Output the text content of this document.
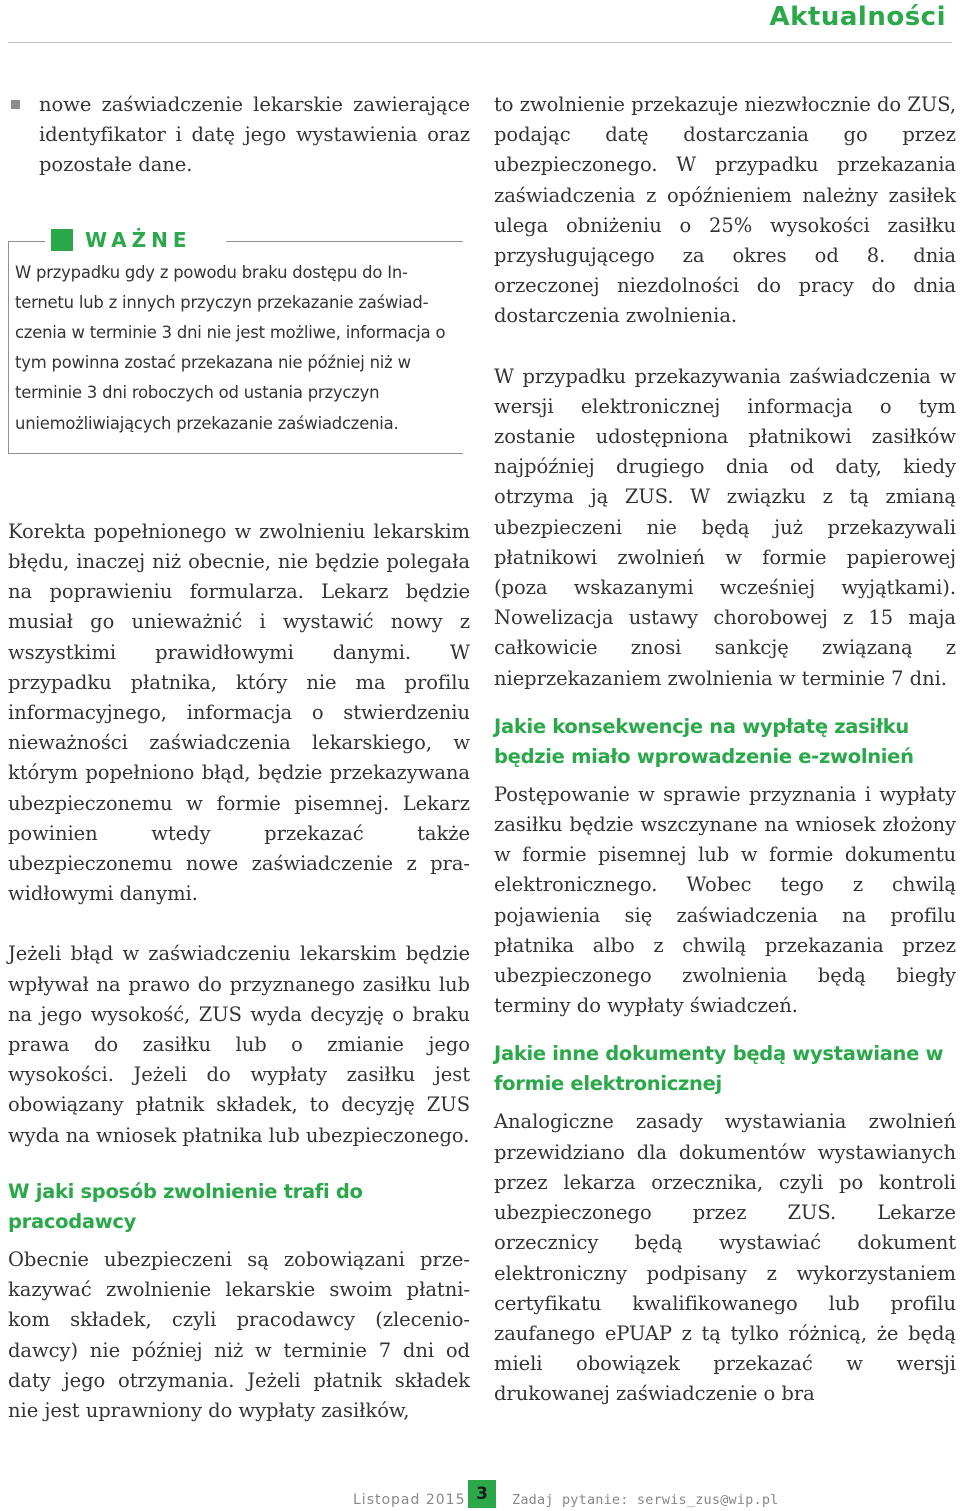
Aktualności

nowe zaświadczenie lekarskie zawierające identyfikator i datę jego wystawienia oraz pozostałe dane.

WAŻNE

W przypadku gdy z powodu braku dostępu do Internetu lub z innych przyczyn przekazanie zaświadczenia w terminie 3 dni nie jest możliwe, informacja o tym powinna zostać przekazana nie później niż w terminie 3 dni roboczych od ustania przyczyn uniemożliwiających przekazanie zaświadczenia.

Korekta popełnionego w zwolnieniu lekarskim błędu, inaczej niż obecnie, nie będzie polegała na poprawieniu formularza. Lekarz będzie musiał go unieważnić i wystawić nowy z wszystkimi prawidłowymi danymi. W przypadku płatnika, który nie ma profilu informacyjnego, informacja o stwierdzeniu nieważności zaświadczenia lekarskiego, w którym popełniono błąd, będzie przekazywana ubezpieczonemu w formie pisemnej. Lekarz powinien wtedy przekazać także ubezpieczonemu nowe zaświadczenie z prawidłowymi danymi.

Jeżeli błąd w zaświadczeniu lekarskim będzie wpływał na prawo do przyznanego zasiłku lub na jego wysokość, ZUS wyda decyzję o braku prawa do zasiłku lub o zmianie jego wysokości. Jeżeli do wypłaty zasiłku jest obowiązany płatnik składek, to decyzję ZUS wyda na wniosek płatnika lub ubezpieczonego.

W jaki sposób zwolnienie trafi do pracodawcy

Obecnie ubezpieczeni są zobowiązani przekazywać zwolnienie lekarskie swoim płatnikom składek, czyli pracodawcy (zleceniodawcy) nie później niż w terminie 7 dni od daty jego otrzymania. Jeżeli płatnik składek nie jest uprawniony do wypłaty zasiłków,

to zwolnienie przekazuje niezwłocznie do ZUS, podając datę dostarczania go przez ubezpieczonego. W przypadku przekazania zaświadczenia z opóźnieniem należny zasiłek ulega obniżeniu o 25% wysokości zasiłku przysługującego za okres od 8. dnia orzeczonej niezdolności do pracy do dnia dostarczenia zwolnienia.

W przypadku przekazywania zaświadczenia w wersji elektronicznej informacja o tym zostanie udostępniona płatnikowi zasiłków najpóźniej drugiego dnia od daty, kiedy otrzyma ją ZUS. W związku z tą zmianą ubezpieczeni nie będą już przekazywali płatnikowi zwolnień w formie papierowej (poza wskazanymi wcześniej wyjątkami). Nowelizacja ustawy chorobowej z 15 maja całkowicie znosi sankcję związaną z nieprzekazaniem zwolnienia w terminie 7 dni.

Jakie konsekwencje na wypłatę zasiłku będzie miało wprowadzenie e-zwolnień

Postępowanie w sprawie przyznania i wypłaty zasiłku będzie wszczynane na wniosek złożony w formie pisemnej lub w formie dokumentu elektronicznego. Wobec tego z chwilą pojawienia się zaświadczenia na profilu płatnika albo z chwilą przekazania przez ubezpieczonego zwolnienia będą biegły terminy do wypłaty świadczeń.

Jakie inne dokumenty będą wystawiane w formie elektronicznej

Analogiczne zasady wystawiania zwolnień przewidziano dla dokumentów wystawianych przez lekarza orzecznika, czyli po kontroli ubezpieczonego przez ZUS. Lekarze orzecznicy będą wystawiać dokument elektroniczny podpisany z wykorzystaniem certyfikatu kwalifikowanego lub profilu zaufanego ePUAP z tą tylko różnicą, że będą mieli obowiązek przekazać w wersji drukowanej zaświadczenie o bra

Listopad 2015 3	Zadaj pytanie: serwis_zus@wip.pl
